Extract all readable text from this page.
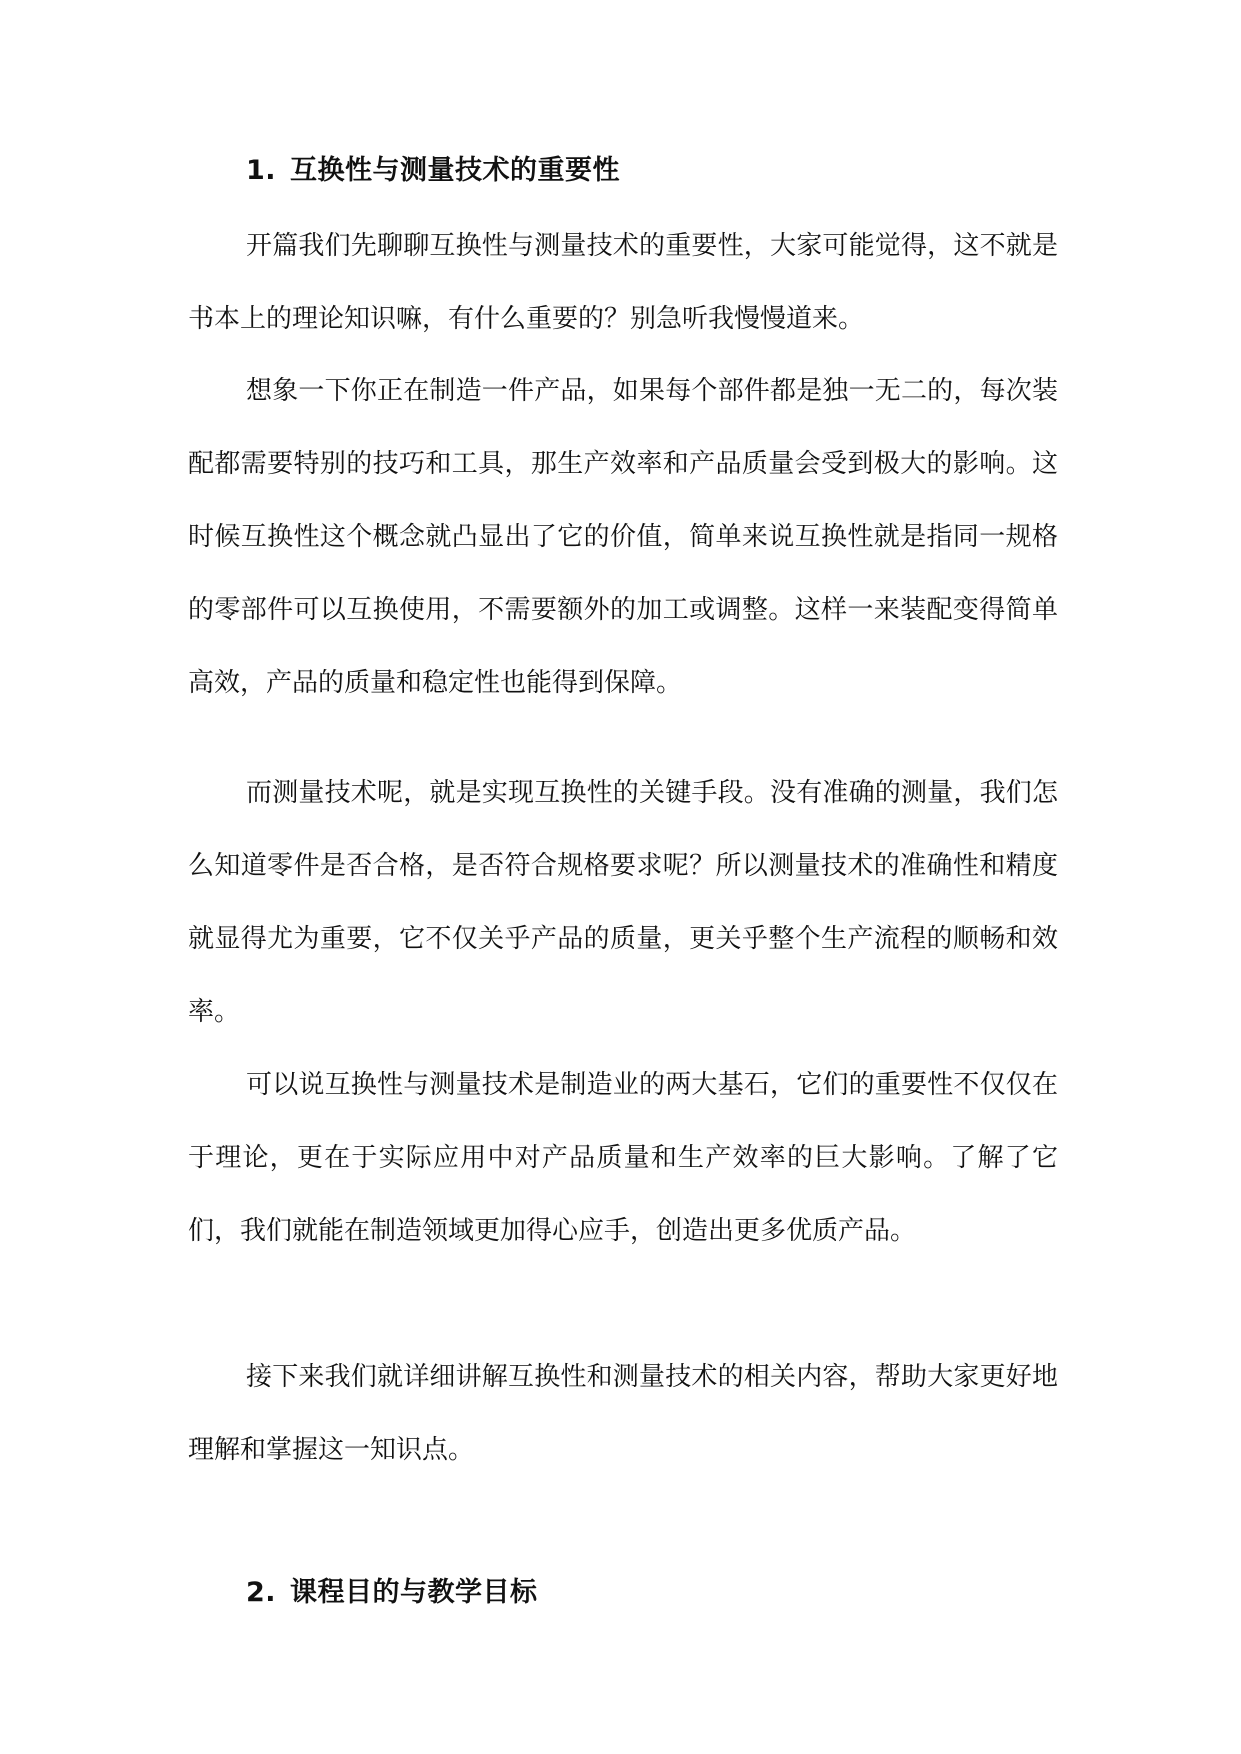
1. 互换性与测量技术的重要性

开篇我们先聊聊互换性与测量技术的重要性，大家可能觉得，这不就是书本上的理论知识嘛，有什么重要的？别急听我慢慢道来。

想象一下你正在制造一件产品，如果每个部件都是独一无二的，每次装配都需要特别的技巧和工具，那生产效率和产品质量会受到极大的影响。这时候互换性这个概念就凸显出了它的价值，简单来说互换性就是指同一规格的零部件可以互换使用，不需要额外的加工或调整。这样一来装配变得简单高效，产品的质量和稳定性也能得到保障。

而测量技术呢，就是实现互换性的关键手段。没有准确的测量，我们怎么知道零件是否合格，是否符合规格要求呢？所以测量技术的准确性和精度就显得尤为重要，它不仅关乎产品的质量，更关乎整个生产流程的顺畅和效率。

可以说互换性与测量技术是制造业的两大基石，它们的重要性不仅仅在于理论，更在于实际应用中对产品质量和生产效率的巨大影响。了解了它们，我们就能在制造领域更加得心应手，创造出更多优质产品。

接下来我们就详细讲解互换性和测量技术的相关内容，帮助大家更好地理解和掌握这一知识点。

2. 课程目的与教学目标
